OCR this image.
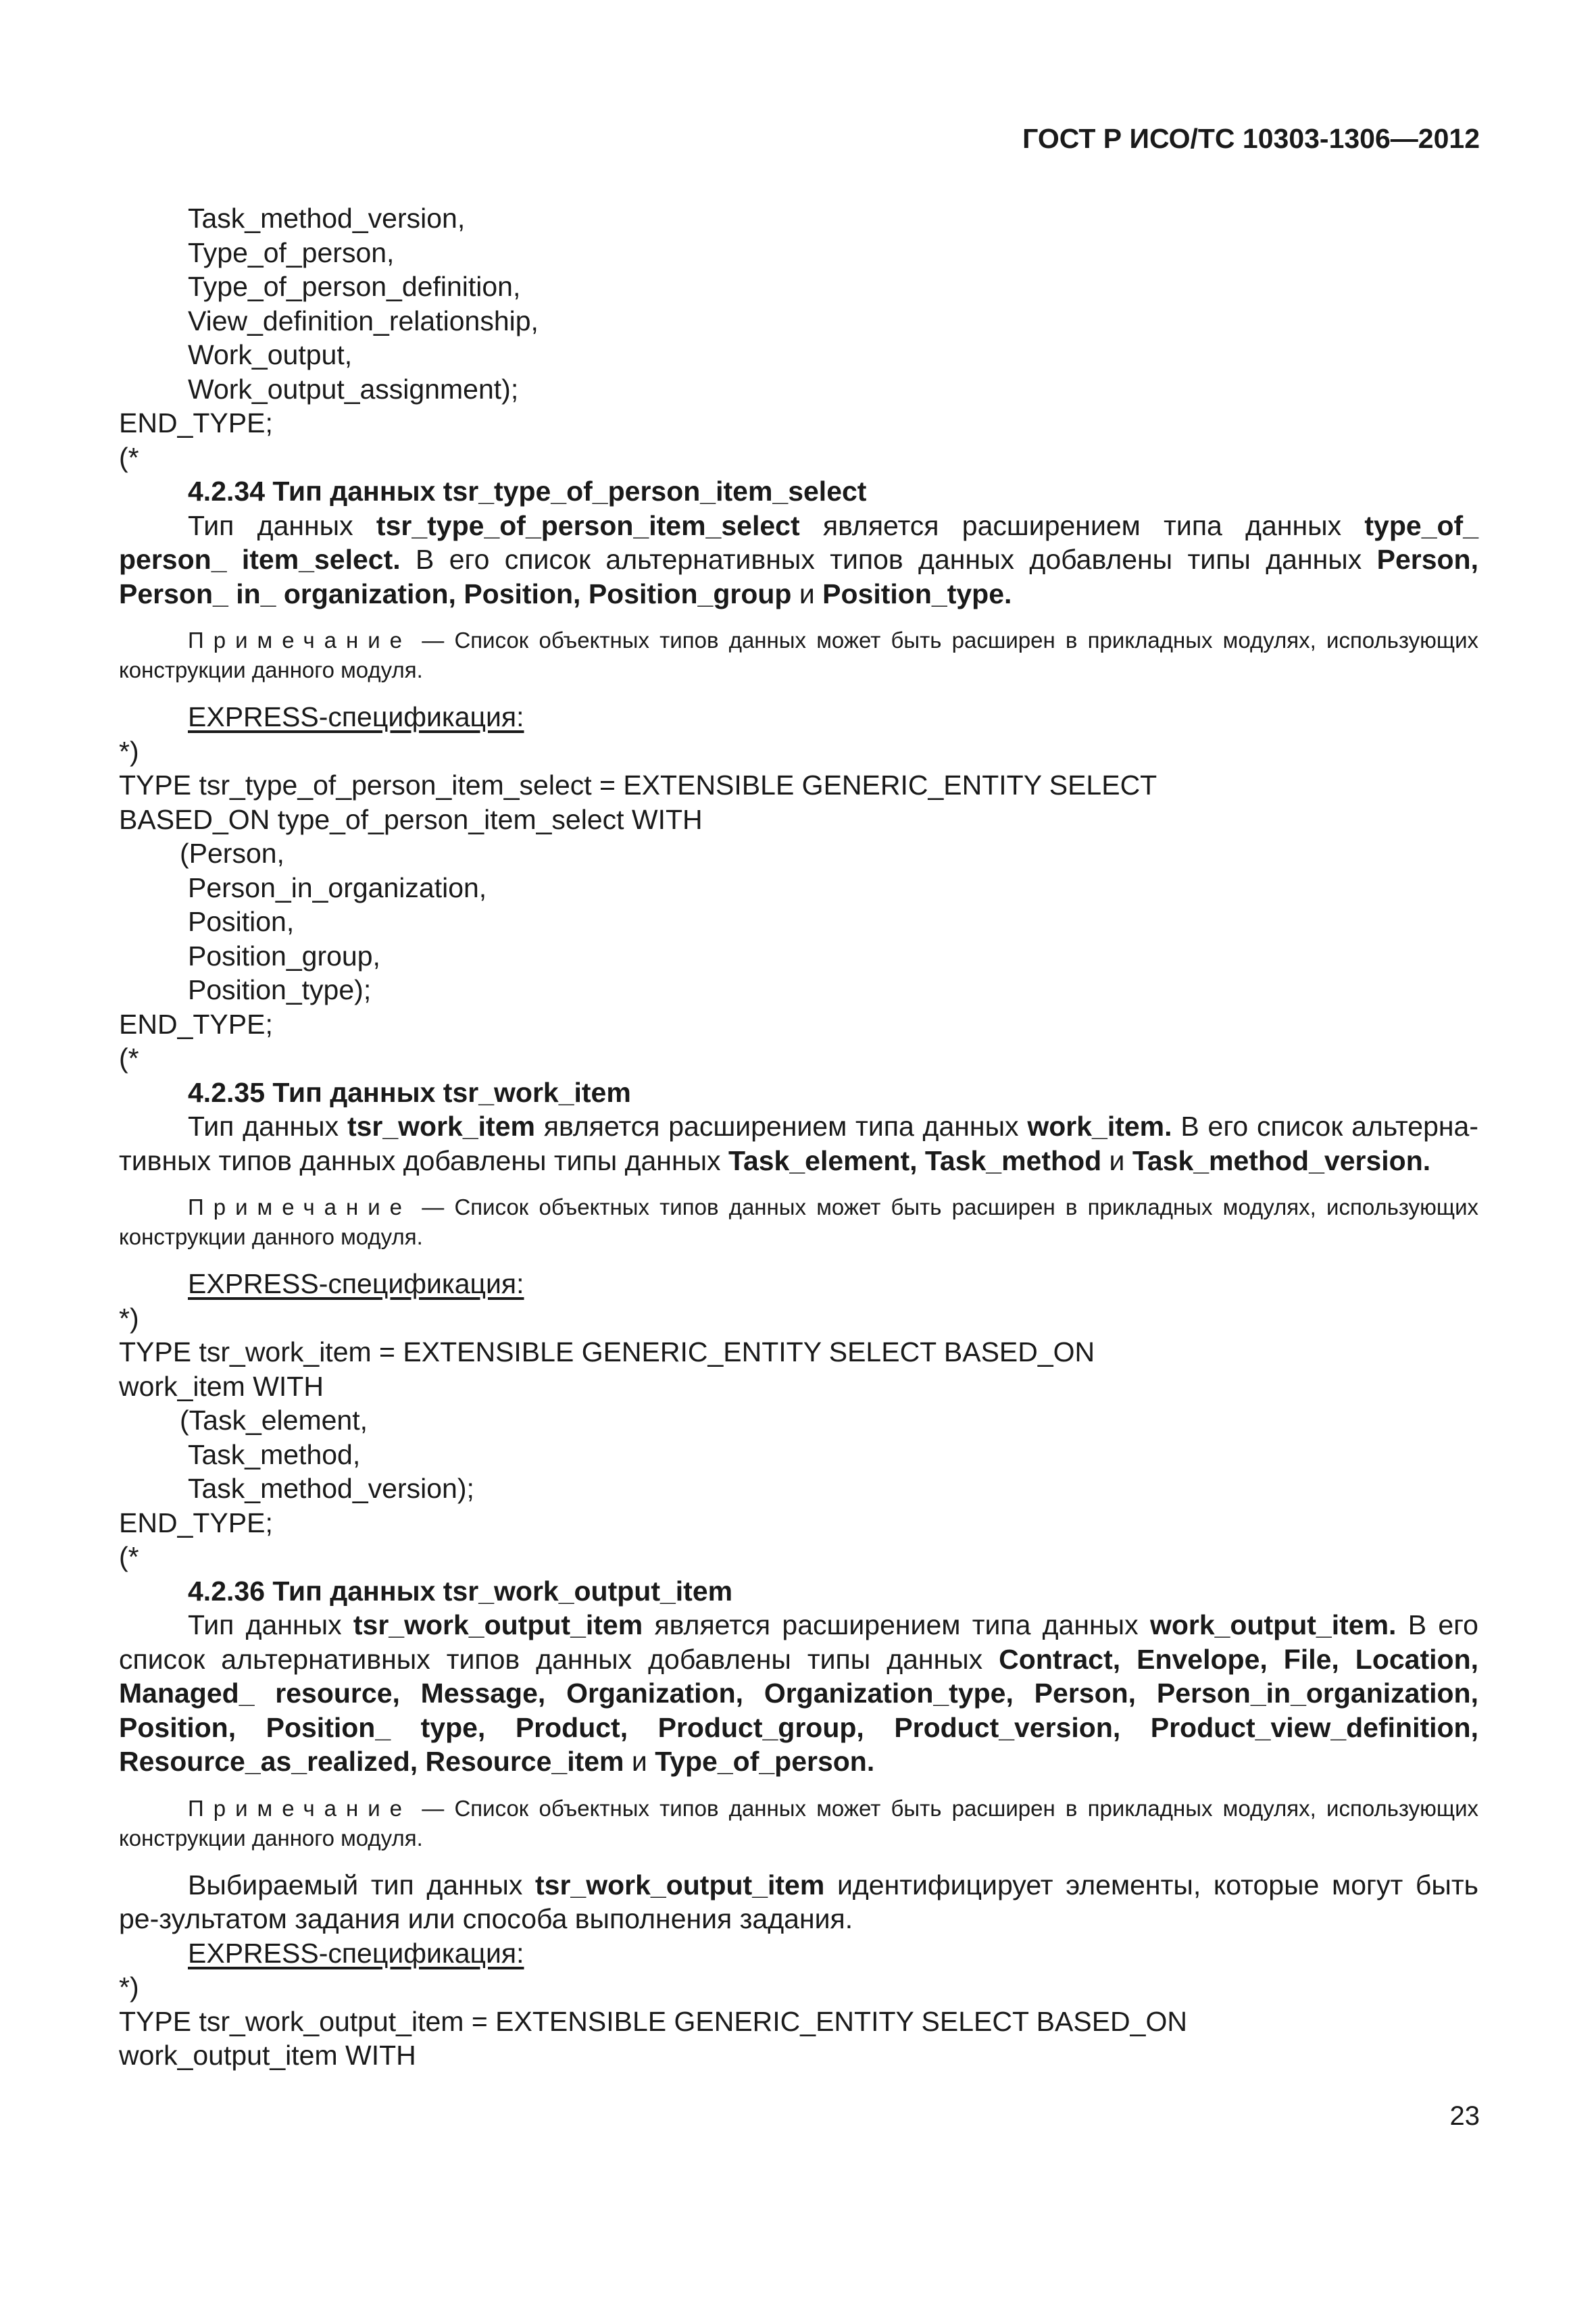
ГОСТ Р ИСО/ТС 10303-1306—2012
Task_method_version,
Type_of_person,
Type_of_person_definition,
View_definition_relationship,
Work_output,
Work_output_assignment);
END_TYPE;
(*
4.2.34 Тип данных tsr_type_of_person_item_select
Тип данных tsr_type_of_person_item_select является расширением типа данных type_of_ person_ item_select. В его список альтернативных типов данных добавлены типы данных Person, Person_ in_ organization, Position, Position_group и Position_type.
Примечание — Список объектных типов данных может быть расширен в прикладных модулях, использующих конструкции данного модуля.
EXPRESS-спецификация:
*)
TYPE tsr_type_of_person_item_select = EXTENSIBLE GENERIC_ENTITY SELECT
BASED_ON type_of_person_item_select WITH
(Person,
Person_in_organization,
Position,
Position_group,
Position_type);
END_TYPE;
(*
4.2.35 Тип данных tsr_work_item
Тип данных tsr_work_item является расширением типа данных work_item. В его список альтерна-тивных типов данных добавлены типы данных Task_element, Task_method и Task_method_version.
Примечание — Список объектных типов данных может быть расширен в прикладных модулях, использующих конструкции данного модуля.
EXPRESS-спецификация:
*)
TYPE tsr_work_item = EXTENSIBLE GENERIC_ENTITY SELECT BASED_ON
work_item WITH
(Task_element,
Task_method,
Task_method_version);
END_TYPE;
(*
4.2.36 Тип данных tsr_work_output_item
Тип данных tsr_work_output_item является расширением типа данных work_output_item. В его список альтернативных типов данных добавлены типы данных Contract, Envelope, File, Location, Managed_ resource, Message, Organization, Organization_type, Person, Person_in_organization, Position, Position_ type, Product, Product_group, Product_version, Product_view_definition, Resource_as_realized, Resource_item и Type_of_person.
Примечание — Список объектных типов данных может быть расширен в прикладных модулях, использующих конструкции данного модуля.
Выбираемый тип данных tsr_work_output_item идентифицирует элементы, которые могут быть ре-зультатом задания или способа выполнения задания.
EXPRESS-спецификация:
*)
TYPE tsr_work_output_item = EXTENSIBLE GENERIC_ENTITY SELECT BASED_ON
work_output_item WITH
23
